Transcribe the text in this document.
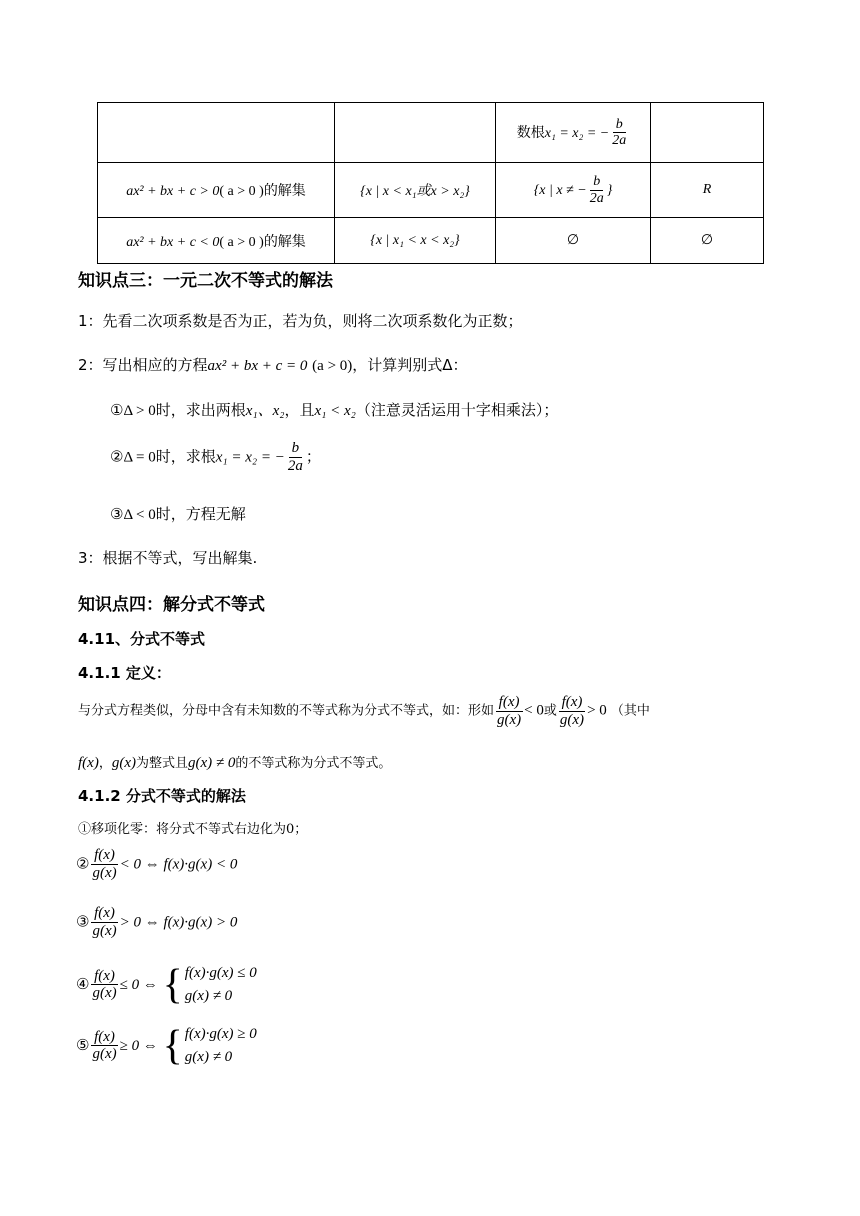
		数根x₁ = x₂ = − $\frac{b}{2a}$

ax² + bx + c > 0( a > 0 )的解集	{x | x < x₁或x > x₂}	{x | x ≠ − $\frac{b}{2a}$ }	R
ax² + bx + c < 0( a > 0 )的解集	{x | x₁ < x < x₂}	∅	∅
知识点三：一元二次不等式的解法
1：先看二次项系数是否为正，若为负，则将二次项系数化为正数；
2：写出相应的方程ax² + bx + c = 0 (a > 0)，计算判别式Δ：
①Δ > 0时，求出两根x₁、x₂，且x₁ < x₂（注意灵活运用十字相乘法）；
②Δ = 0时，求根x₁ = x₂ = − $\frac{b}{2a}$ ；
③Δ < 0时，方程无解
3：根据不等式，写出解集.
知识点四：解分式不等式
4.11、分式不等式
4.1.1 定义：
与分式方程类似，分母中含有未知数的不等式称为分式不等式，如：形如 $\frac{f(x)}{g(x)} < 0$或 $\frac{f(x)}{g(x)} > 0$ （其中
f(x)，g(x)为整式且g(x) ≠ 0的不等式称为分式不等式。
4.1.2 分式不等式的解法
①移项化零：将分式不等式右边化为0；
② $\frac{f(x)}{g(x)} < 0$ ⇔ f(x)·g(x) < 0
③ $\frac{f(x)}{g(x)} > 0$ ⇔ f(x)·g(x) > 0
④ $\frac{f(x)}{g(x)} \le 0$ ⇔ { f(x)·g(x) ≤ 0
g(x) ≠ 0
⑤ $\frac{f(x)}{g(x)} \ge 0$ ⇔ { f(x)·g(x) ≥ 0
g(x) ≠ 0
